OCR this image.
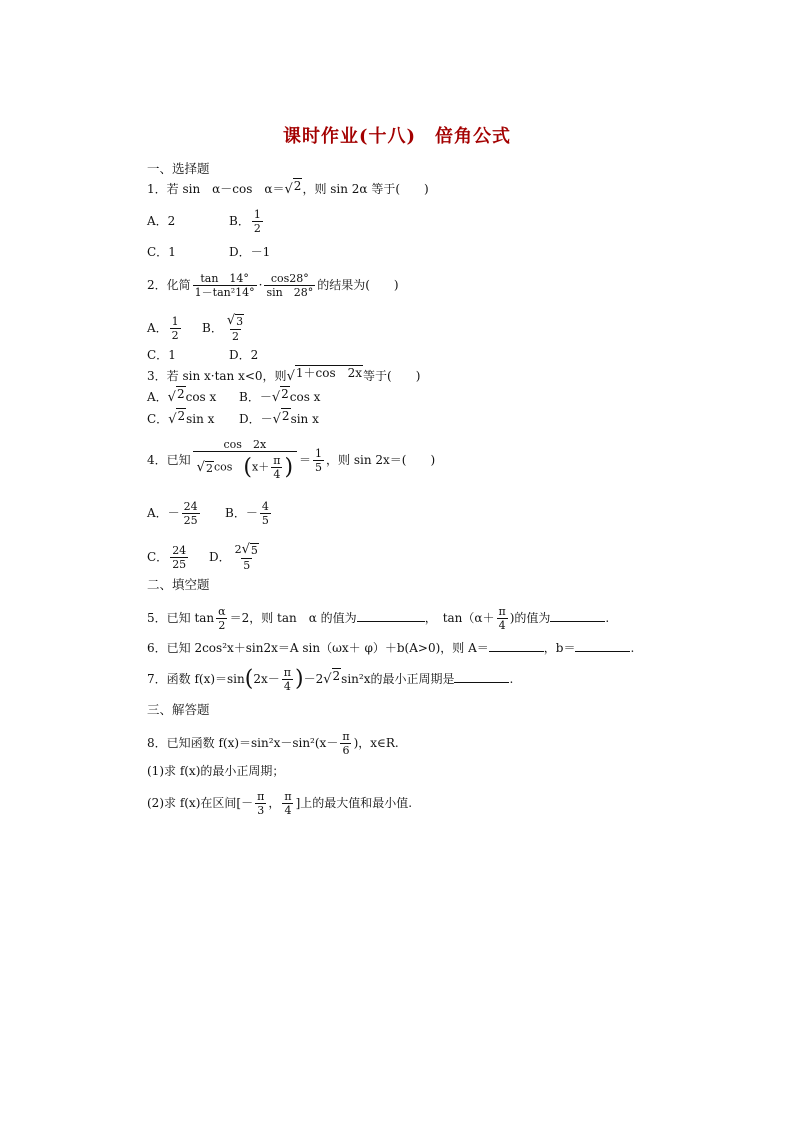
课时作业(十八)　倍角公式
一、选择题
1．若 sin　α－cos　α＝ √ 2 ，则 sin 2α 等于(　　)
A．2	B． $\frac{1}{2}$
C．1	D．－1
2．化简 $\frac{\tan 14^\circ}{\text{1－tan²14°}} \cdot \frac{\cos 28^\circ}{\sin 28^\circ}$ 的结果为(　　)
A． $\frac{1}{2}$ B． $\frac{√ 3}{2}$
C．1	D．2
3．若 sin x·tan x<0，则 √ 1＋cos　2x 等于(　　)
A． √ 2 cos x B．－ √ 2 cos x
C． √ 2 sin x D．－ √ 2 sin x
4．已知 $\frac{\cos 2x}{√ 2 \cos (x+ \frac{\pi}{4} )} = \frac{1}{5}$ ，则 sin 2x＝(　　)
A．－ $\frac{24}{25}$ B．－ $\frac{4}{5}$
C． $\frac{24}{25}$ D． $\frac{2 √ 5}{5}$
二、填空题
5．已知 $\tan \frac{\alpha}{2} =2$，则 tan　α 的值为	，　$\tan(\alpha+ \frac{\pi}{4}$ )的值为	.
6．已知 2cos²x＋sin2x＝A sin（ωx＋ φ）＋b(A>0)，则 A＝	，b＝	.
7．函数 $f(x)=\sin(2x- \frac{\pi}{4} )-2$ √ 2 sin²x的最小正周期是	.
三、解答题
8．已知函数 $f(x)=\sin^2x-\sin^2(x- \frac{\pi}{6}$ )，x∈R.
(1)求 f(x)的最小正周期；
(2)求 f(x)在区间[－ $\frac{\pi}{3}$ ， $\frac{\pi}{4}$ ]上的最大值和最小值.
